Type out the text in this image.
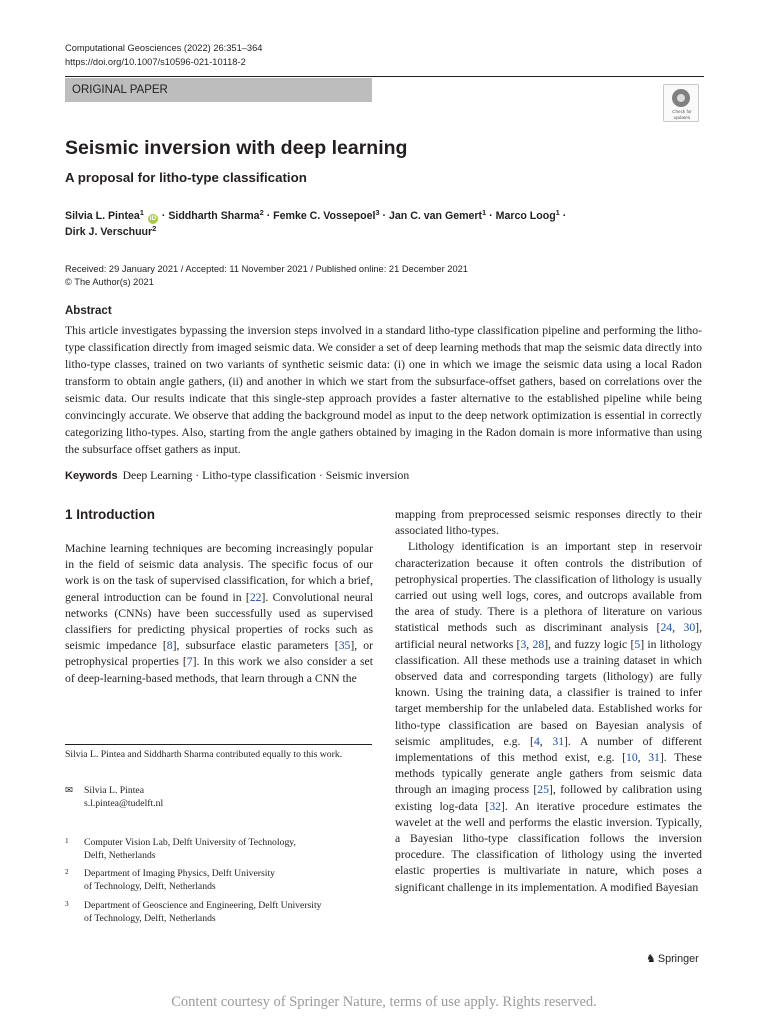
Computational Geosciences (2022) 26:351–364
https://doi.org/10.1007/s10596-021-10118-2
ORIGINAL PAPER
Check for updates
Seismic inversion with deep learning
A proposal for litho-type classification
Silvia L. Pintea$^1$ iD · Siddharth Sharma$^2$ · Femke C. Vossepoel$^3$ · Jan C. van Gemert$^1$ · Marco Loog$^1$ ·
Dirk J. Verschuur$^2$
Received: 29 January 2021 / Accepted: 11 November 2021 / Published online: 21 December 2021
© The Author(s) 2021
Abstract

This article investigates bypassing the inversion steps involved in a standard litho-type classification pipeline and performing the litho-type classification directly from imaged seismic data. We consider a set of deep learning methods that map the seismic data directly into litho-type classes, trained on two variants of synthetic seismic data: (i) one in which we image the seismic data using a local Radon transform to obtain angle gathers, (ii) and another in which we start from the subsurface-offset gathers, based on correlations over the seismic data. Our results indicate that this single-step approach provides a faster alternative to the established pipeline while being convincingly accurate. We observe that adding the background model as input to the deep network optimization is essential in correctly categorizing litho-types. Also, starting from the angle gathers obtained by imaging in the Radon domain is more informative than using the subsurface offset gathers as input.

Keywords Deep Learning · Litho-type classification · Seismic inversion
1 Introduction

Machine learning techniques are becoming increasingly popular in the field of seismic data analysis. The specific focus of our work is on the task of supervised classification, for which a brief, general introduction can be found in [22]. Convolutional neural networks (CNNs) have been successfully used as supervised classifiers for predicting physical properties of rocks such as seismic impedance [8], subsurface elastic parameters [35], or petrophysical properties [7]. In this work we also consider a set of deep-learning-based methods, that learn through a CNN the

mapping from preprocessed seismic responses directly to their associated litho-types.

Lithology identification is an important step in reservoir characterization because it often controls the distribution of petrophysical properties. The classification of lithology is usually carried out using well logs, cores, and outcrops available from the area of study. There is a plethora of literature on various statistical methods such as discriminant analysis [24, 30], artificial neural networks [3, 28], and fuzzy logic [5] in lithology classification. All these methods use a training dataset in which observed data and corresponding targets (lithology) are fully known. Using the training data, a classifier is trained to infer target membership for the unlabeled data. Established works for litho-type classification are based on Bayesian analysis of seismic amplitudes, e.g. [4, 31]. A number of different implementations of this method exist, e.g. [10, 31]. These methods typically generate angle gathers from seismic data through an imaging process [25], followed by calibration using existing log-data [32]. An iterative procedure estimates the wavelet at the well and performs the elastic inversion. Typically, a Bayesian litho-type classification follows the inversion procedure. The classification of lithology using the inverted elastic properties is multivariate in nature, which poses a significant challenge in its implementation. A modified Bayesian

Silvia L. Pintea and Siddharth Sharma contributed equally to this work.
✉ Silvia L. Pintea
s.l.pintea@tudelft.nl
1 Computer Vision Lab, Delft University of Technology,
Delft, Netherlands
2 Department of Imaging Physics, Delft University
of Technology, Delft, Netherlands
3 Department of Geoscience and Engineering, Delft University
of Technology, Delft, Netherlands
♞ Springer
Content courtesy of Springer Nature, terms of use apply. Rights reserved.
